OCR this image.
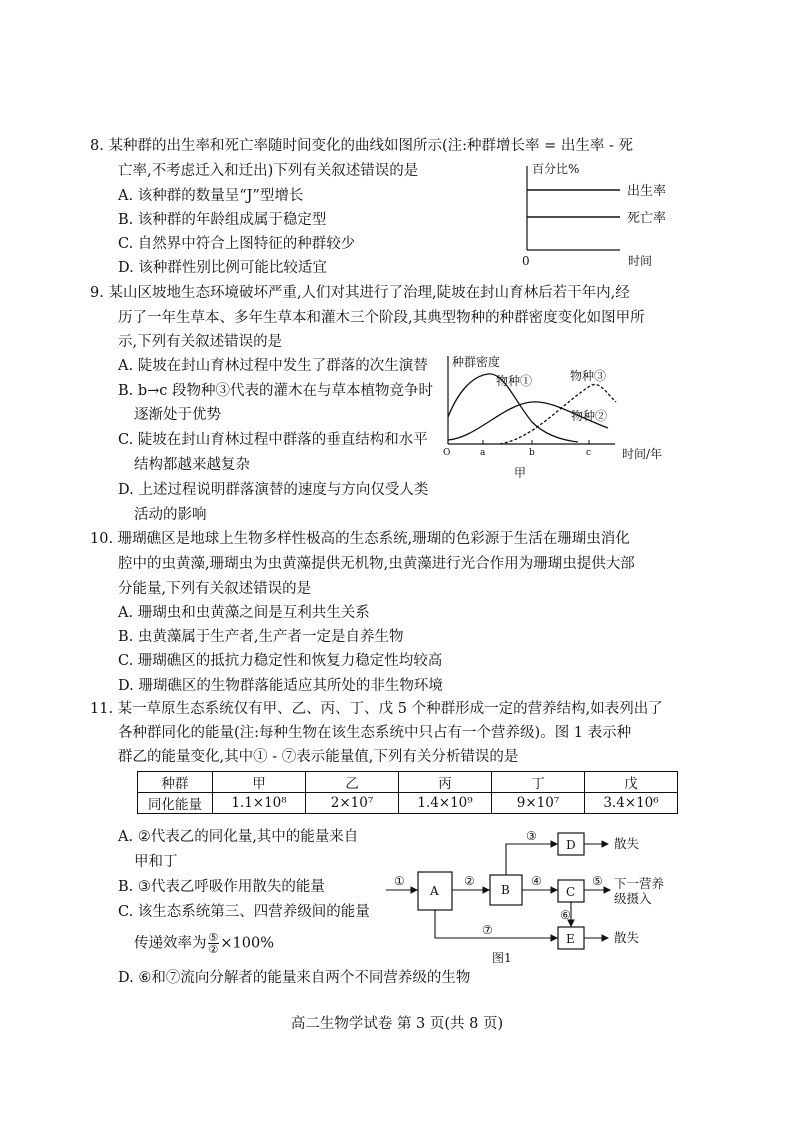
8. 某种群的出生率和死亡率随时间变化的曲线如图所示(注:种群增长率 = 出生率 - 死
亡率,不考虑迁入和迁出)下列有关叙述错误的是
A. 该种群的数量呈“J”型增长
B. 该种群的年龄组成属于稳定型
C. 自然界中符合上图特征的种群较少
D. 该种群性别比例可能比较适宜
百分比%
出生率
死亡率
0	时间
9. 某山区坡地生态环境破坏严重,人们对其进行了治理,陡坡在封山育林后若干年内,经
历了一年生草本、多年生草本和灌木三个阶段,其典型物种的种群密度变化如图甲所
示,下列有关叙述错误的是
A. 陡坡在封山育林过程中发生了群落的次生演替
B. b→c 段物种③代表的灌木在与草本植物竞争时
逐渐处于优势
C. 陡坡在封山育林过程中群落的垂直结构和水平
结构都越来越复杂
D. 上述过程说明群落演替的速度与方向仅受人类
活动的影响
种群密度
物种①
物种②
物种③
O	a	b	c	时间/年
甲
10. 珊瑚礁区是地球上生物多样性极高的生态系统,珊瑚的色彩源于生活在珊瑚虫消化
腔中的虫黄藻,珊瑚虫为虫黄藻提供无机物,虫黄藻进行光合作用为珊瑚虫提供大部
分能量,下列有关叙述错误的是
A. 珊瑚虫和虫黄藻之间是互利共生关系
B. 虫黄藻属于生产者,生产者一定是自养生物
C. 珊瑚礁区的抵抗力稳定性和恢复力稳定性均较高
D. 珊瑚礁区的生物群落能适应其所处的非生物环境
11. 某一草原生态系统仅有甲、乙、丙、丁、戊 5 个种群形成一定的营养结构,如表列出了
各种群同化的能量(注:每种生物在该生态系统中只占有一个营养级)。图 1 表示种
群乙的能量变化,其中① - ⑦表示能量值,下列有关分析错误的是
种群	甲	乙	丙	丁	戊
同化能量	1.1×10⁸	2×10⁷	1.4×10⁹	9×10⁷	3.4×10⁶
A. ②代表乙的同化量,其中的能量来自
甲和丁
B. ③代表乙呼吸作用散失的能量
C. 该生态系统第三、四营养级间的能量
传递效率为 ⑤
② ×100%
D. ⑥和⑦流向分解者的能量来自两个不同营养级的生物
A	B	C
D
E
①	②
③
④	⑤
⑥
⑦
散失
散失
下一营养
级摄入
图1
高二生物学试卷 第 3 页(共 8 页)
